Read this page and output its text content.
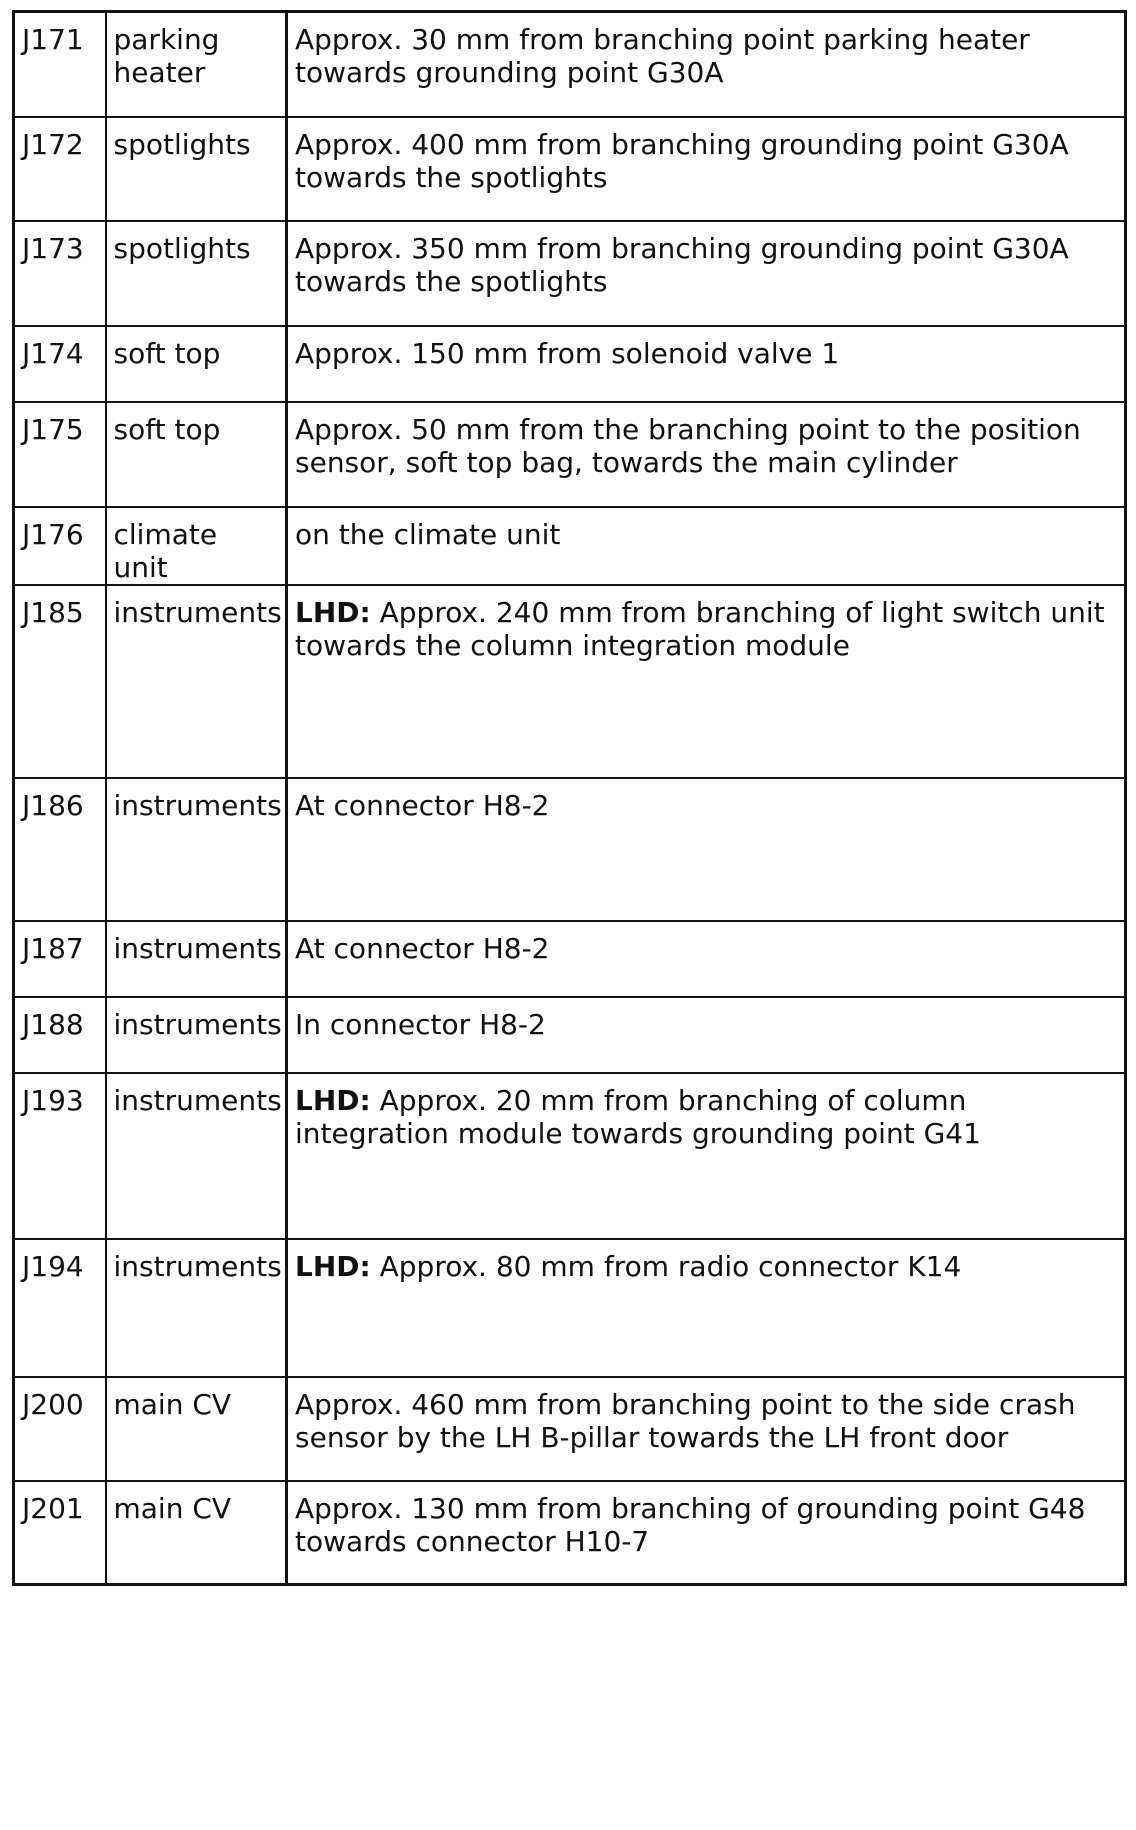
J171	parking heater	Approx. 30 mm from branching point parking heater towards grounding point G30A
J172	spotlights	Approx. 400 mm from branching grounding point G30A towards the spotlights
J173	spotlights	Approx. 350 mm from branching grounding point G30A towards the spotlights
J174	soft top	Approx. 150 mm from solenoid valve 1
J175	soft top	Approx. 50 mm from the branching point to the position sensor, soft top bag, towards the main cylinder
J176	climate unit	on the climate unit
J185	instruments	LHD: Approx. 240 mm from branching of light switch unit towards the column integration module
J186	instruments	At connector H8-2
J187	instruments	At connector H8-2
J188	instruments	In connector H8-2
J193	instruments	LHD: Approx. 20 mm from branching of column integration module towards grounding point G41
J194	instruments	LHD: Approx. 80 mm from radio connector K14
J200	main CV	Approx. 460 mm from branching point to the side crash sensor by the LH B-pillar towards the LH front door
J201	main CV	Approx. 130 mm from branching of grounding point G48 towards connector H10-7
